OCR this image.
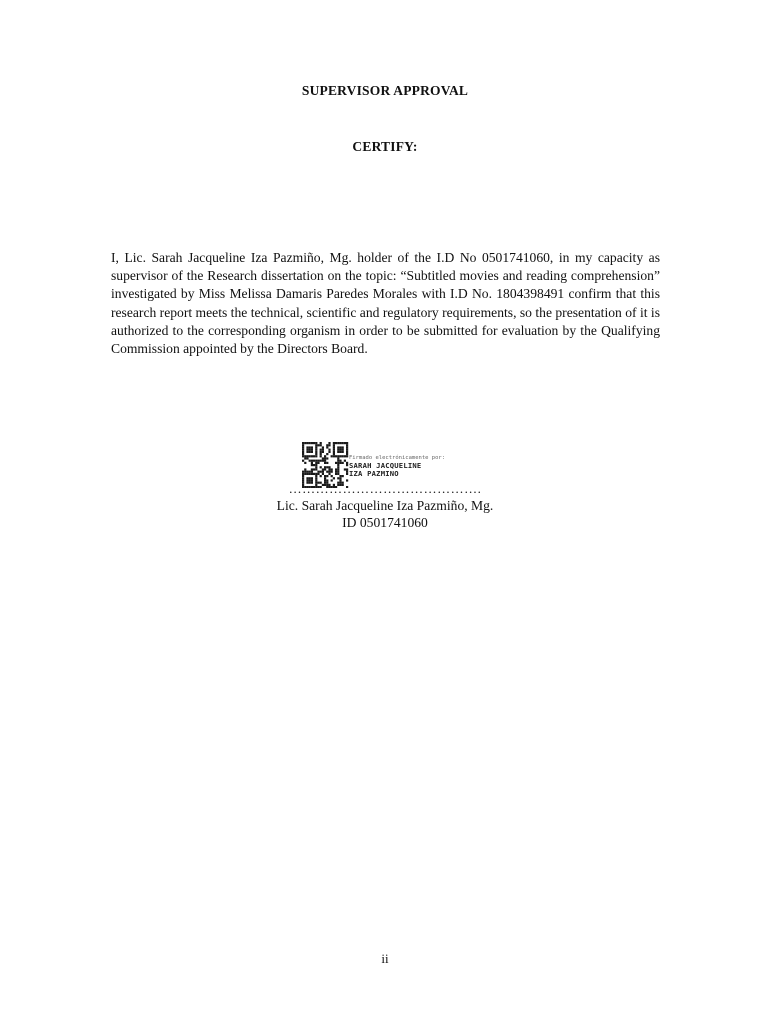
SUPERVISOR APPROVAL
CERTIFY:
I, Lic. Sarah Jacqueline Iza Pazmiño, Mg. holder of the I.D No 0501741060, in my capacity as supervisor of the Research dissertation on the topic: “Subtitled movies and reading comprehension” investigated by Miss Melissa Damaris Paredes Morales with I.D No. 1804398491 confirm that this research report meets the technical, scientific and regulatory requirements, so the presentation of it is authorized to the corresponding organism in order to be submitted for evaluation by the Qualifying Commission appointed by the Directors Board.
Firmado electrónicamente por:
SARAH JACQUELINE
IZA PAZMINO
…………………………………….
Lic. Sarah Jacqueline Iza Pazmiño, Mg.
ID 0501741060
ii
